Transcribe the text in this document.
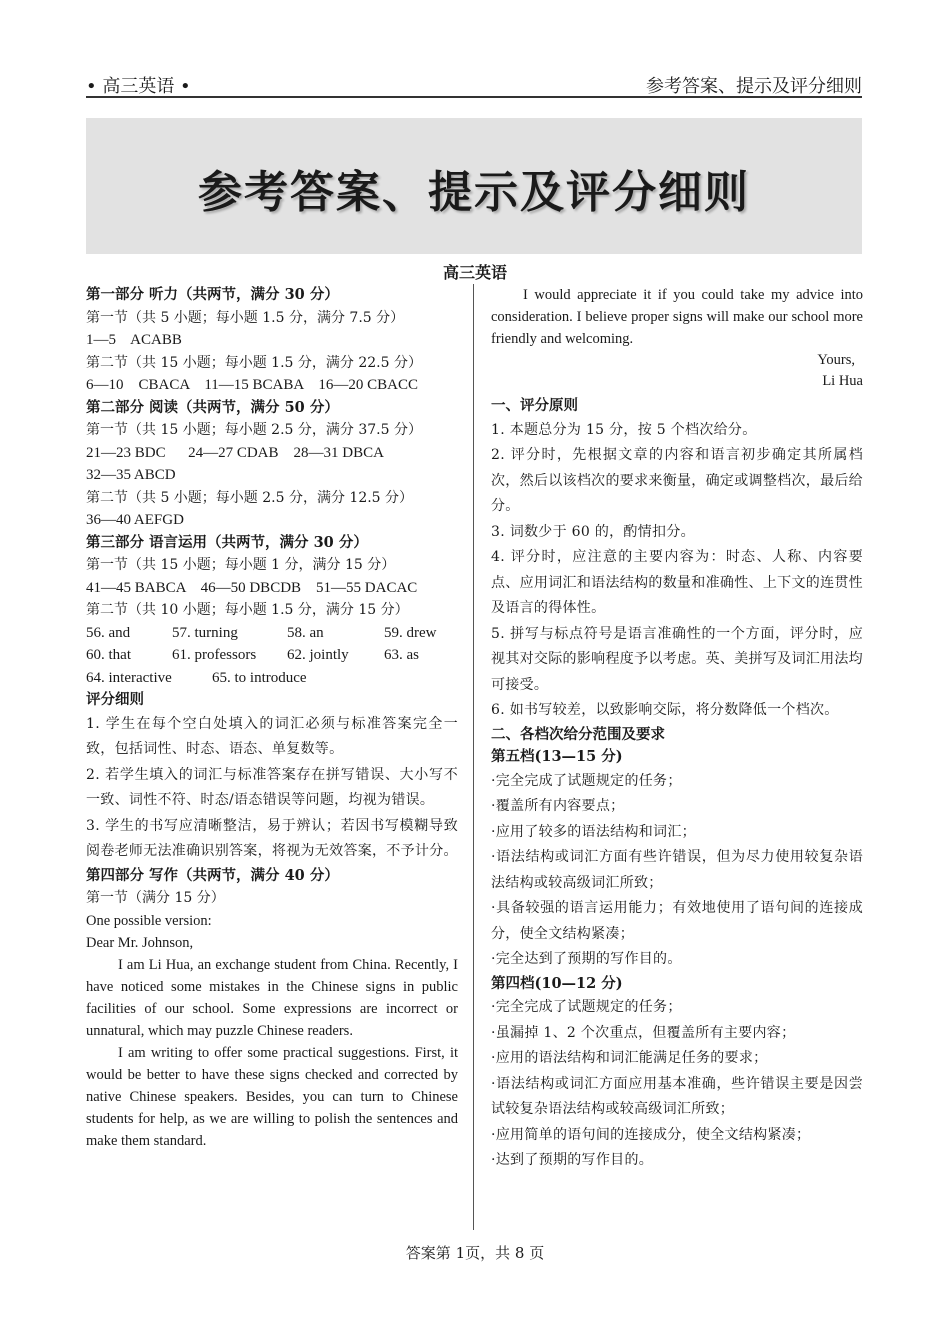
• 高三英语 •	参考答案、提示及评分细则
参考答案、提示及评分细则
高三英语
第一部分 听力（共两节，满分 30 分）
第一节（共 5 小题；每小题 1.5 分，满分 7.5 分）
1—5    ACABB
第二节（共 15 小题；每小题 1.5 分，满分 22.5 分）
6—10    CBACA    11—15 BCABA    16—20 CBACC
第二部分 阅读（共两节，满分 50 分）
第一节（共 15 小题；每小题 2.5 分，满分 37.5 分）
21—23 BDC      24—27 CDAB    28—31 DBCA
32—35 ABCD
第二节（共 5 小题；每小题 2.5 分，满分 12.5 分）
36—40 AEFGD
第三部分 语言运用（共两节，满分 30 分）
第一节（共 15 小题；每小题 1 分，满分 15 分）
41—45 BABCA    46—50 DBCDB    51—55 DACAC
第二节（共 10 小题；每小题 1.5 分，满分 15 分）
56. and	57. turning	58. an	59. drew
60. that	61. professors	62. jointly	63. as
64. interactive	65. to introduce
评分细则
1. 学生在每个空白处填入的词汇必须与标准答案完全一致，包括词性、时态、语态、单复数等。
2. 若学生填入的词汇与标准答案存在拼写错误、大小写不一致、词性不符、时态/语态错误等问题，均视为错误。
3. 学生的书写应清晰整洁，易于辨认；若因书写模糊导致阅卷老师无法准确识别答案，将视为无效答案，不予计分。
第四部分 写作（共两节，满分 40 分）
第一节（满分 15 分）
One possible version:
Dear Mr. Johnson,
I am Li Hua, an exchange student from China. Recently, I have noticed some mistakes in the Chinese signs in public facilities of our school. Some expressions are incorrect or unnatural, which may puzzle Chinese readers.
I am writing to offer some practical suggestions. First, it would be better to have these signs checked and corrected by native Chinese speakers. Besides, you can turn to Chinese students for help, as we are willing to polish the sentences and make them standard.
I would appreciate it if you could take my advice into consideration. I believe proper signs will make our school more friendly and welcoming.
Yours,
Li Hua
一、评分原则
1. 本题总分为 15 分，按 5 个档次给分。
2. 评分时，先根据文章的内容和语言初步确定其所属档次，然后以该档次的要求来衡量，确定或调整档次，最后给分。
3. 词数少于 60 的，酌情扣分。
4. 评分时，应注意的主要内容为：时态、人称、内容要点、应用词汇和语法结构的数量和准确性、上下文的连贯性及语言的得体性。
5. 拼写与标点符号是语言准确性的一个方面，评分时，应视其对交际的影响程度予以考虑。英、美拼写及词汇用法均可接受。
6. 如书写较差，以致影响交际，将分数降低一个档次。
二、各档次给分范围及要求
第五档(13—15 分)
·完全完成了试题规定的任务；
·覆盖所有内容要点；
·应用了较多的语法结构和词汇；
·语法结构或词汇方面有些许错误，但为尽力使用较复杂语法结构或较高级词汇所致；
·具备较强的语言运用能力；有效地使用了语句间的连接成分，使全文结构紧凑；
·完全达到了预期的写作目的。
第四档(10—12 分)
·完全完成了试题规定的任务；
·虽漏掉 1、2 个次重点，但覆盖所有主要内容；
·应用的语法结构和词汇能满足任务的要求；
·语法结构或词汇方面应用基本准确，些许错误主要是因尝试较复杂语法结构或较高级词汇所致；
·应用简单的语句间的连接成分，使全文结构紧凑；
·达到了预期的写作目的。
答案第 1页，共 8 页
